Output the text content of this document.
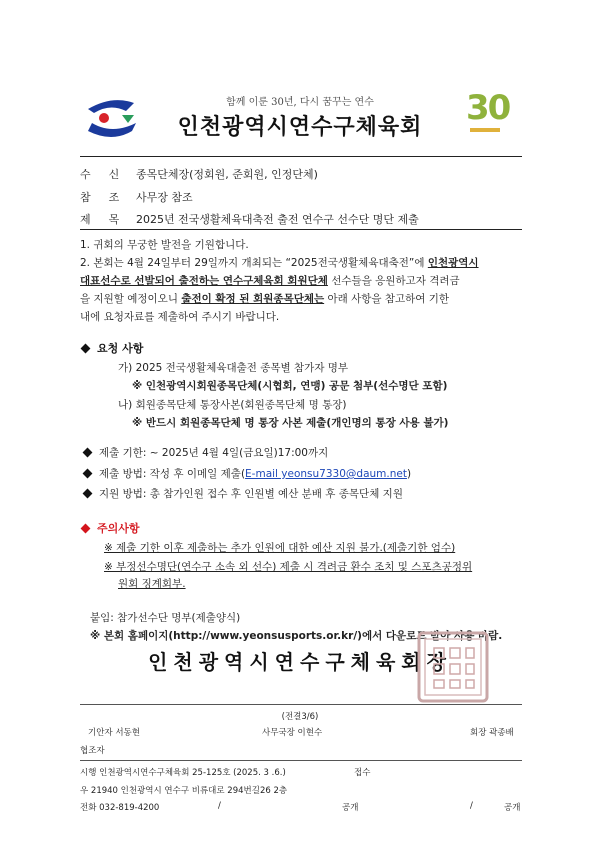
함께 이룬 30년, 다시 꿈꾸는 연수
인천광역시연수구체육회	30
수신
종목단체장(정회원, 준회원, 인정단체)
참조
사무장 참조
제목
2025년 전국생활체육대축전 출전 연수구 선수단 명단 제출
1. 귀회의 무궁한 발전을 기원합니다.
2. 본회는 4월 24일부터 29일까지 개최되는 “2025전국생활체육대축전”에 인천광역시
대표선수로 선발되어 출전하는 연수구체육회 회원단체 선수들을 응원하고자 격려금
을 지원할 예정이오니 출전이 확정 된 회원종목단체는 아래 사항을 참고하여 기한
내에 요청자료를 제출하여 주시기 바랍니다.
요청 사항
가) 2025 전국생활체육대출전 종목별 참가자 명부
※ 인천광역시회원종목단체(시협회, 연맹) 공문 첨부(선수명단 포함)
나) 회원종목단체 통장사본(회원종목단체 명 통장)
※ 반드시 회원종목단체 명 통장 사본 제출(개인명의 통장 사용 불가)
제출 기한: ~ 2025년 4월 4일(금요일)17:00까지
제출 방법: 작성 후 이메일 제출(E-mail yeonsu7330@daum.net)
지원 방법: 총 참가인원 접수 후 인원별 예산 분배 후 종목단체 지원
주의사항
※ 제출 기한 이후 제출하는 추가 인원에 대한 예산 지원 불가.(제출기한 엄수)
※ 부정선수명단(연수구 소속 외 선수) 제출 시 격려금 환수 조치 및 스포츠공정위
원회 징계회부.
붙임: 참가선수단 명부(제출양식)
※ 본회 홈페이지(http://www.yeonsusports.or.kr/)에서 다운로드 받아 사용 바람.
인천광역시연수구체육회장
(전결3/6)
기안자 서동현	사무국장 이현수	회장 곽종배
협조자
시행 인천광역시연수구체육회 25-125호 (2025. 3 .6.)	접수
우 21940 인천광역시 연수구 비류대로 294번길26 2층
전화 032-819-4200	/	공개	/	공개
